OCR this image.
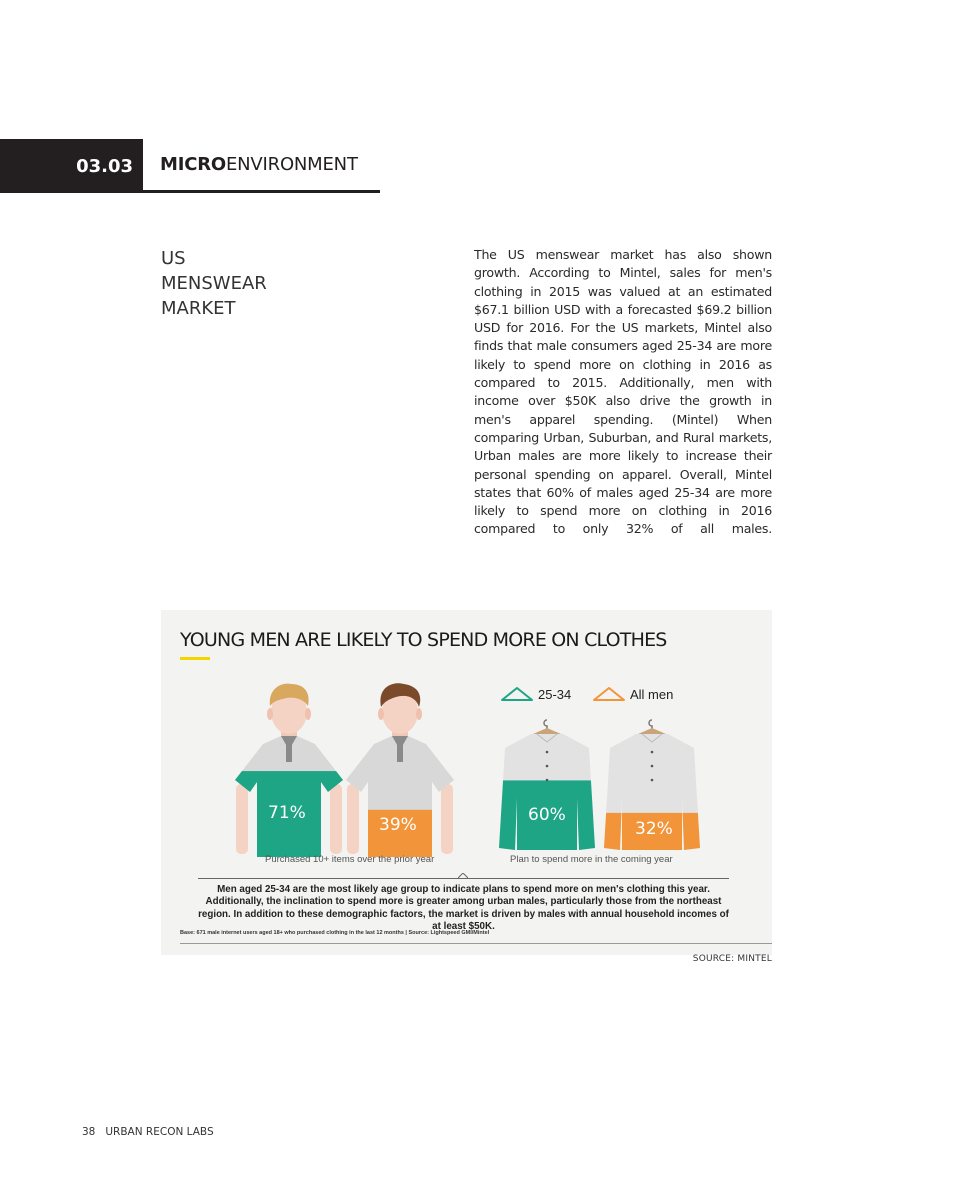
03.03	MICROENVIRONMENT
US
MENSWEAR
MARKET
The US menswear market has also shown growth. According to Mintel, sales for men's clothing in 2015 was valued at an estimated $67.1 billion USD with a forecasted $69.2 billion USD for 2016. For the US markets, Mintel also finds that male consumers aged 25-34 are more likely to spend more on clothing in 2016 as compared to 2015. Additionally, men with income over $50K also drive the growth in men's apparel spending. (Mintel) When comparing Urban, Suburban, and Rural markets, Urban males are more likely to increase their personal spending on apparel. Overall, Mintel states that 60% of males aged 25-34 are more likely to spend more on clothing in 2016 compared to only 32% of all males.
YOUNG MEN ARE LIKELY TO SPEND MORE ON CLOTHES
25-34	All men
71%
39%	60%
32%
Purchased 10+ items over the prior year	Plan to spend more in the coming year
Men aged 25-34 are the most likely age group to indicate plans to spend more on men's clothing this year. Additionally, the inclination to spend more is greater among urban males, particularly those from the northeast region. In addition to these demographic factors, the market is driven by males with annual household incomes of at least $50K.
Base: 671 male internet users aged 18+ who purchased clothing in the last 12 months | Source: Lightspeed GMI/Mintel
SOURCE: MINTEL
38 URBAN RECON LABS
